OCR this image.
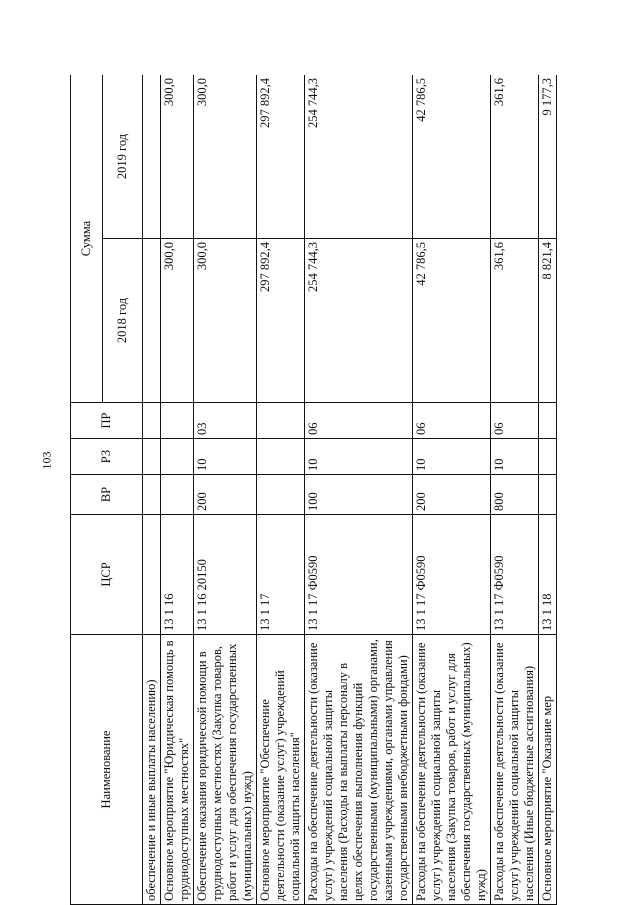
103
Наименование	ЦСР	ВР	РЗ	ПР	Сумма	
					2018 год	2019 год
обеспечение и иные выплаты населению)						
Основное мероприятие "Юридическая помощь в труднодоступных местностях"	13 1 16				300,0	300,0
Обеспечение оказания юридической помощи в труднодоступных местностях (Закупка товаров, работ и услуг для обеспечения государственных (муниципальных) нужд)	13 1 16 20150	200	10	03	300,0	300,0
Основное мероприятие "Обеспечение деятельности (оказание услуг) учреждений социальной защиты населения"	13 1 17				297 892,4	297 892,4
Расходы на обеспечение деятельности (оказание услуг) учреждений социальной защиты населения (Расходы на выплаты персоналу в целях обеспечения выполнения функций государственными (муниципальными) органами, казенными учреждениями, органами управления государственными внебюджетными фондами)	13 1 17 Ф0590	100	10	06	254 744,3	254 744,3
Расходы на обеспечение деятельности (оказание услуг) учреждений социальной защиты населения (Закупка товаров, работ и услуг для обеспечения государственных (муниципальных) нужд)	13 1 17 Ф0590	200	10	06	42 786,5	42 786,5
Расходы на обеспечение деятельности (оказание услуг) учреждений социальной защиты населения (Иные бюджетные ассигнования)	13 1 17 Ф0590	800	10	06	361,6	361,6
Основное мероприятие "Оказание мер	13 1 18				8 821,4	9 177,3
